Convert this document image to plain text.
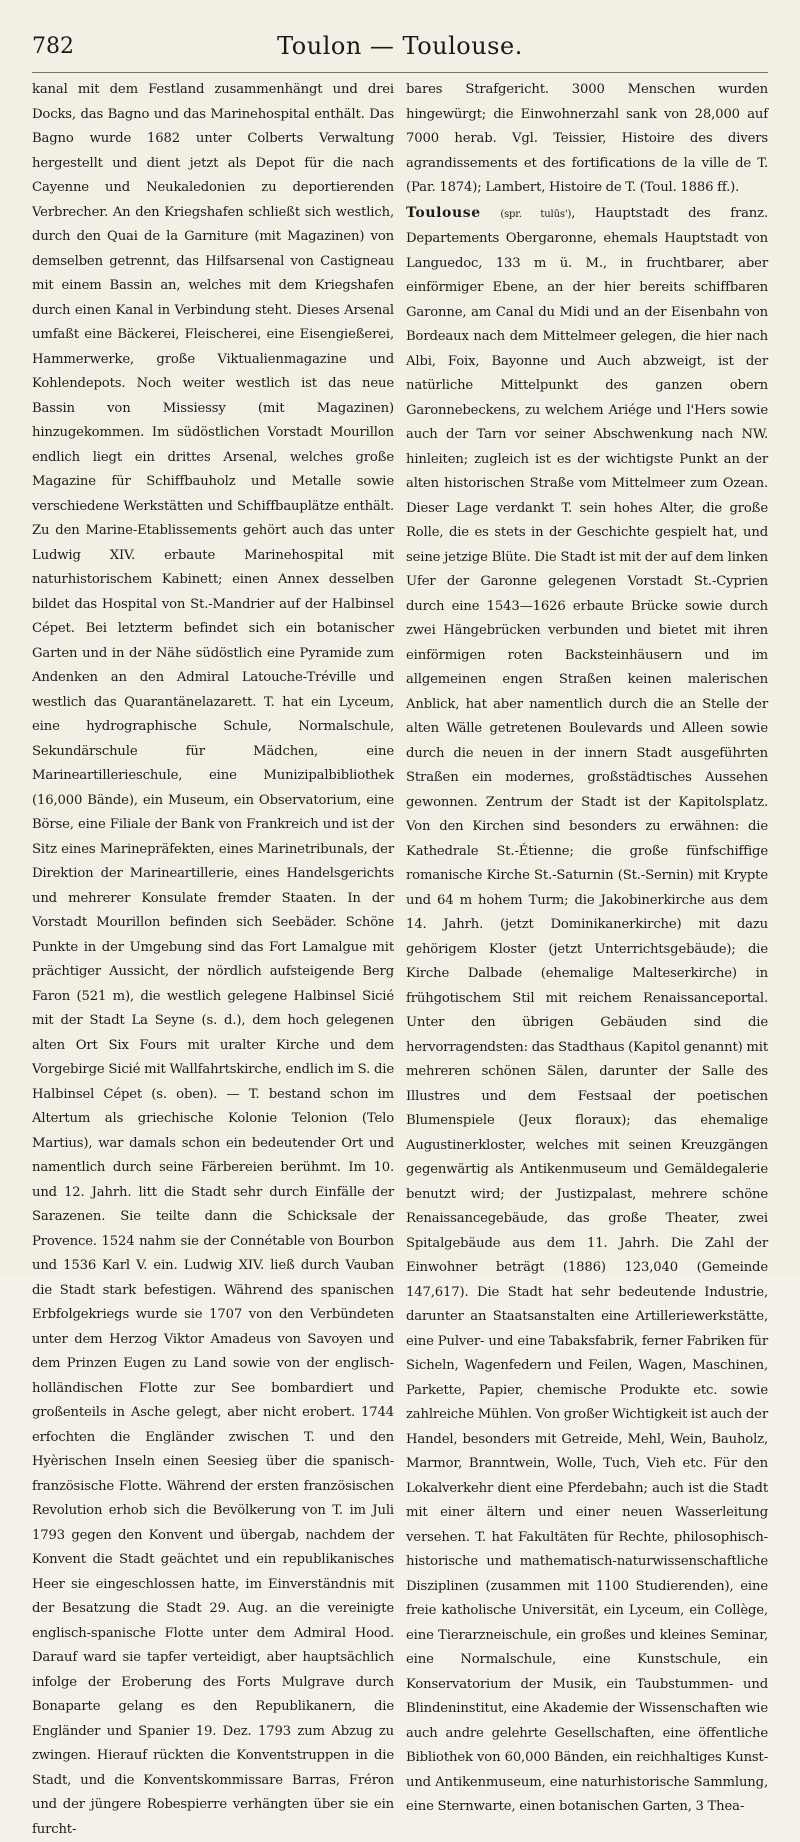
782	Toulon — Toulouse.

kanal mit dem Festland zusammenhängt und drei Docks, das Bagno und das Marinehospital enthält. Das Bagno wurde 1682 unter Colberts Verwaltung hergestellt und dient jetzt als Depot für die nach Cayenne und Neukaledonien zu deportierenden Verbrecher. An den Kriegshafen schließt sich westlich, durch den Quai de la Garniture (mit Magazinen) von demselben getrennt, das Hilfsarsenal von Castigneau mit einem Bassin an, welches mit dem Kriegshafen durch einen Kanal in Verbindung steht. Dieses Arsenal umfaßt eine Bäckerei, Fleischerei, eine Eisengießerei, Hammerwerke, große Viktualienmagazine und Kohlendepots. Noch weiter westlich ist das neue Bassin von Missiessy (mit Magazinen) hinzugekommen. Im südöstlichen Vorstadt Mourillon endlich liegt ein drittes Arsenal, welches große Magazine für Schiffbauholz und Metalle sowie verschiedene Werkstätten und Schiffbauplätze enthält. Zu den Marine-Etablissements gehört auch das unter Ludwig XIV. erbaute Marinehospital mit naturhistorischem Kabinett; einen Annex desselben bildet das Hospital von St.-Mandrier auf der Halbinsel Cépet. Bei letzterm befindet sich ein botanischer Garten und in der Nähe südöstlich eine Pyramide zum Andenken an den Admiral Latouche-Tréville und westlich das Quarantänelazarett. T. hat ein Lyceum, eine hydrographische Schule, Normalschule, Sekundärschule für Mädchen, eine Marineartillerieschule, eine Munizipalbibliothek (16,000 Bände), ein Museum, ein Observatorium, eine Börse, eine Filiale der Bank von Frankreich und ist der Sitz eines Marinepräfekten, eines Marinetribunals, der Direktion der Marineartillerie, eines Handelsgerichts und mehrerer Konsulate fremder Staaten. In der Vorstadt Mourillon befinden sich Seebäder. Schöne Punkte in der Umgebung sind das Fort Lamalgue mit prächtiger Aussicht, der nördlich aufsteigende Berg Faron (521 m), die westlich gelegene Halbinsel Sicié mit der Stadt La Seyne (s. d.), dem hoch gelegenen alten Ort Six Fours mit uralter Kirche und dem Vorgebirge Sicié mit Wallfahrtskirche, endlich im S. die Halbinsel Cépet (s. oben). — T. bestand schon im Altertum als griechische Kolonie Telonion (Telo Martius), war damals schon ein bedeutender Ort und namentlich durch seine Färbereien berühmt. Im 10. und 12. Jahrh. litt die Stadt sehr durch Einfälle der Sarazenen. Sie teilte dann die Schicksale der Provence. 1524 nahm sie der Connétable von Bourbon und 1536 Karl V. ein. Ludwig XIV. ließ durch Vauban die Stadt stark befestigen. Während des spanischen Erbfolgekriegs wurde sie 1707 von den Verbündeten unter dem Herzog Viktor Amadeus von Savoyen und dem Prinzen Eugen zu Land sowie von der englisch-holländischen Flotte zur See bombardiert und großenteils in Asche gelegt, aber nicht erobert. 1744 erfochten die Engländer zwischen T. und den Hyèrischen Inseln einen Seesieg über die spanisch-französische Flotte. Während der ersten französischen Revolution erhob sich die Bevölkerung von T. im Juli 1793 gegen den Konvent und übergab, nachdem der Konvent die Stadt geächtet und ein republikanisches Heer sie eingeschlossen hatte, im Einverständnis mit der Besatzung die Stadt 29. Aug. an die vereinigte englisch-spanische Flotte unter dem Admiral Hood. Darauf ward sie tapfer verteidigt, aber hauptsächlich infolge der Eroberung des Forts Mulgrave durch Bonaparte gelang es den Republikanern, die Engländer und Spanier 19. Dez. 1793 zum Abzug zu zwingen. Hierauf rückten die Konventstruppen in die Stadt, und die Konventskommissare Barras, Fréron und der jüngere Robespierre verhängten über sie ein furcht-

bares Strafgericht. 3000 Menschen wurden hingewürgt; die Einwohnerzahl sank von 28,000 auf 7000 herab. Vgl. Teissier, Histoire des divers agrandissements et des fortifications de la ville de T. (Par. 1874); Lambert, Histoire de T. (Toul. 1886 ff.).

Toulouse (spr. tulūs'), Hauptstadt des franz. Departements Obergaronne, ehemals Hauptstadt von Languedoc, 133 m ü. M., in fruchtbarer, aber einförmiger Ebene, an der hier bereits schiffbaren Garonne, am Canal du Midi und an der Eisenbahn von Bordeaux nach dem Mittelmeer gelegen, die hier nach Albi, Foix, Bayonne und Auch abzweigt, ist der natürliche Mittelpunkt des ganzen obern Garonnebeckens, zu welchem Ariége und l'Hers sowie auch der Tarn vor seiner Abschwenkung nach NW. hinleiten; zugleich ist es der wichtigste Punkt an der alten historischen Straße vom Mittelmeer zum Ozean. Dieser Lage verdankt T. sein hohes Alter, die große Rolle, die es stets in der Geschichte gespielt hat, und seine jetzige Blüte. Die Stadt ist mit der auf dem linken Ufer der Garonne gelegenen Vorstadt St.-Cyprien durch eine 1543—1626 erbaute Brücke sowie durch zwei Hängebrücken verbunden und bietet mit ihren einförmigen roten Backsteinhäusern und im allgemeinen engen Straßen keinen malerischen Anblick, hat aber namentlich durch die an Stelle der alten Wälle getretenen Boulevards und Alleen sowie durch die neuen in der innern Stadt ausgeführten Straßen ein modernes, großstädtisches Aussehen gewonnen. Zentrum der Stadt ist der Kapitolsplatz. Von den Kirchen sind besonders zu erwähnen: die Kathedrale St.-Étienne; die große fünfschiffige romanische Kirche St.-Saturnin (St.-Sernin) mit Krypte und 64 m hohem Turm; die Jakobinerkirche aus dem 14. Jahrh. (jetzt Dominikanerkirche) mit dazu gehörigem Kloster (jetzt Unterrichtsgebäude); die Kirche Dalbade (ehemalige Malteserkirche) in frühgotischem Stil mit reichem Renaissanceportal. Unter den übrigen Gebäuden sind die hervorragendsten: das Stadthaus (Kapitol genannt) mit mehreren schönen Sälen, darunter der Salle des Illustres und dem Festsaal der poetischen Blumenspiele (Jeux floraux); das ehemalige Augustinerkloster, welches mit seinen Kreuzgängen gegenwärtig als Antikenmuseum und Gemäldegalerie benutzt wird; der Justizpalast, mehrere schöne Renaissancegebäude, das große Theater, zwei Spitalgebäude aus dem 11. Jahrh. Die Zahl der Einwohner beträgt (1886) 123,040 (Gemeinde 147,617). Die Stadt hat sehr bedeutende Industrie, darunter an Staatsanstalten eine Artilleriewerkstätte, eine Pulver- und eine Tabaksfabrik, ferner Fabriken für Sicheln, Wagenfedern und Feilen, Wagen, Maschinen, Parkette, Papier, chemische Produkte etc. sowie zahlreiche Mühlen. Von großer Wichtigkeit ist auch der Handel, besonders mit Getreide, Mehl, Wein, Bauholz, Marmor, Branntwein, Wolle, Tuch, Vieh etc. Für den Lokalverkehr dient eine Pferdebahn; auch ist die Stadt mit einer ältern und einer neuen Wasserleitung versehen. T. hat Fakultäten für Rechte, philosophisch-historische und mathematisch-naturwissenschaftliche Disziplinen (zusammen mit 1100 Studierenden), eine freie katholische Universität, ein Lyceum, ein Collège, eine Tierarzneischule, ein großes und kleines Seminar, eine Normalschule, eine Kunstschule, ein Konservatorium der Musik, ein Taubstummen- und Blindeninstitut, eine Akademie der Wissenschaften wie auch andre gelehrte Gesellschaften, eine öffentliche Bibliothek von 60,000 Bänden, ein reichhaltiges Kunst- und Antikenmuseum, eine naturhistorische Sammlung, eine Sternwarte, einen botanischen Garten, 3 Thea-
